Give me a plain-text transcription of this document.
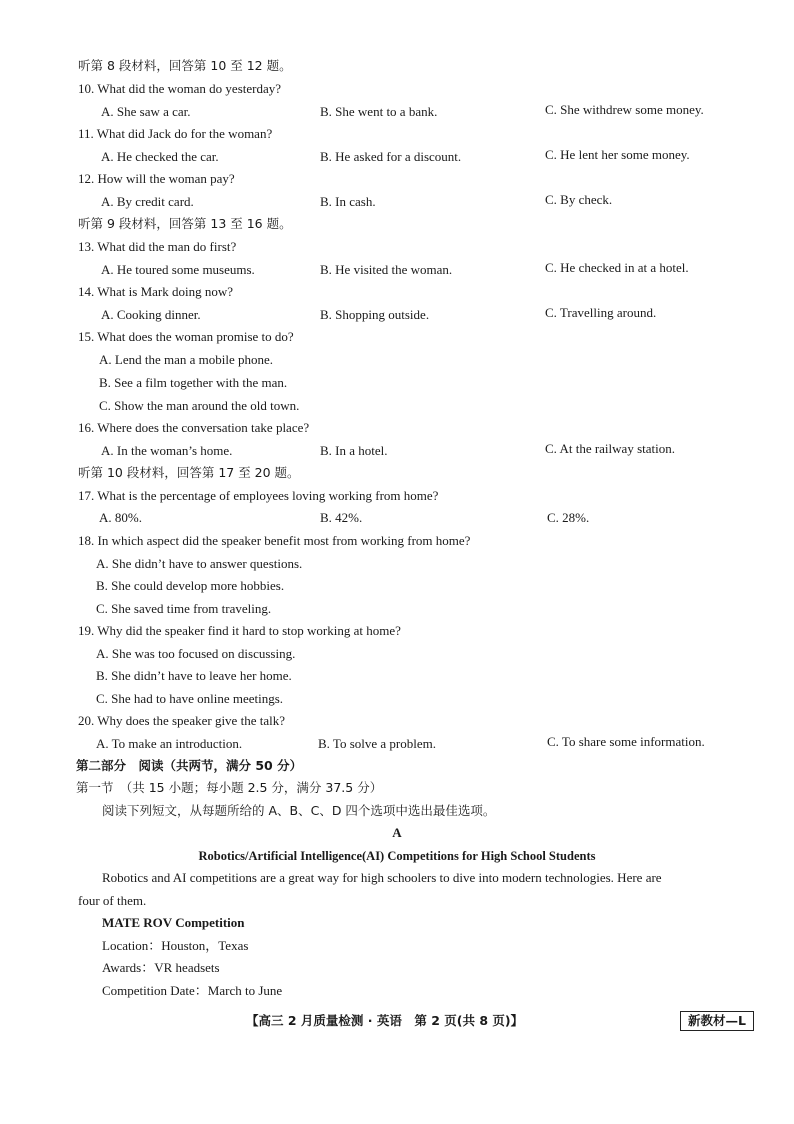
听第 8 段材料，回答第 10 至 12 题。
10. What did the woman do yesterday?
A. She saw a car.	B. She went to a bank.	C. She withdrew some money.
11. What did Jack do for the woman?
A. He checked the car.	B. He asked for a discount.	C. He lent her some money.
12. How will the woman pay?
A. By credit card.	B. In cash.	C. By check.
听第 9 段材料，回答第 13 至 16 题。
13. What did the man do first?
A. He toured some museums.	B. He visited the woman.	C. He checked in at a hotel.
14. What is Mark doing now?
A. Cooking dinner.	B. Shopping outside.	C. Travelling around.
15. What does the woman promise to do?
A. Lend the man a mobile phone.
B. See a film together with the man.
C. Show the man around the old town.
16. Where does the conversation take place?
A. In the woman’s home.	B. In a hotel.	C. At the railway station.
听第 10 段材料，回答第 17 至 20 题。
17. What is the percentage of employees loving working from home?
A. 80%.	B. 42%.	C. 28%.
18. In which aspect did the speaker benefit most from working from home?
A. She didn’t have to answer questions.
B. She could develop more hobbies.
C. She saved time from traveling.
19. Why did the speaker find it hard to stop working at home?
A. She was too focused on discussing.
B. She didn’t have to leave her home.
C. She had to have online meetings.
20. Why does the speaker give the talk?
A. To make an introduction.	B. To solve a problem.	C. To share some information.
第二部分　阅读（共两节，满分 50 分）
第一节　（共 15 小题；每小题 2.5 分，满分 37.5 分）
阅读下列短文，从每题所给的 A、B、C、D 四个选项中选出最佳选项。
A
Robotics/Artificial Intelligence(AI) Competitions for High School Students
Robotics and AI competitions are a great way for high schoolers to dive into modern technologies. Here are
four of them.
MATE ROV Competition
Location：Houston，Texas
Awards：VR headsets
Competition Date：March to June
【高三 2 月质量检测 · 英语　第 2 页(共 8 页)】	新教材—L
